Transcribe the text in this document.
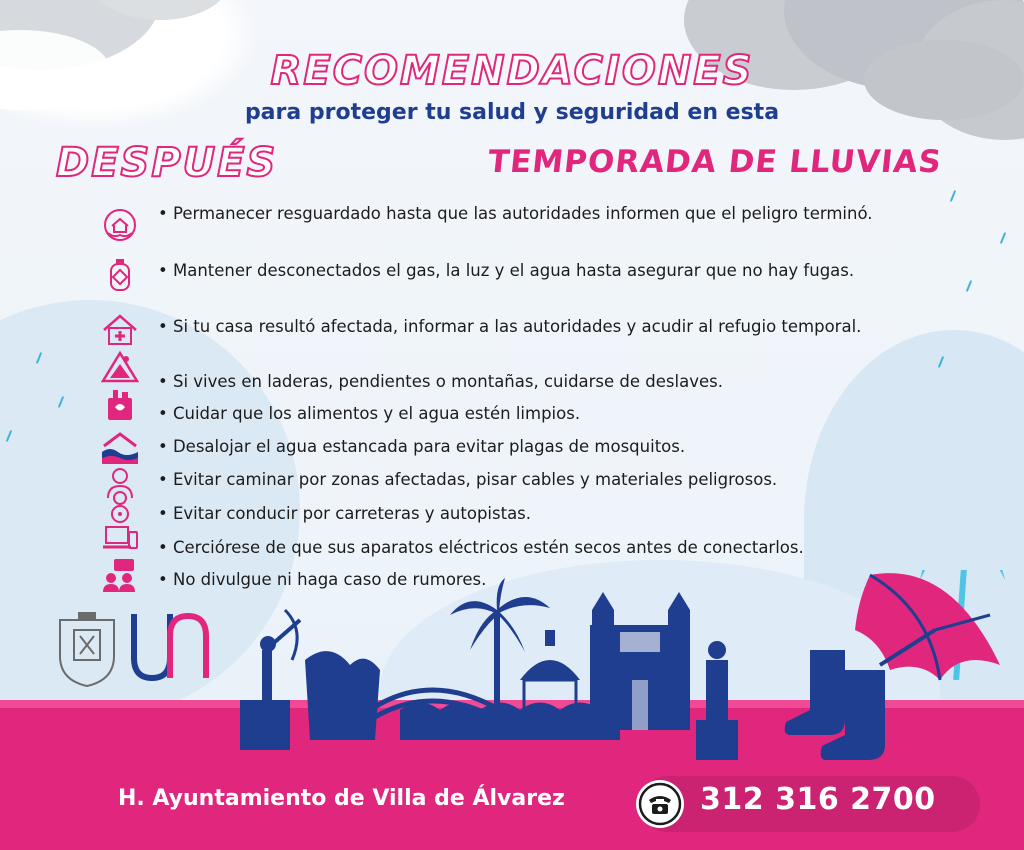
RECOMENDACIONES
para proteger tu salud y seguridad en esta
DESPUÉS	TEMPORADA DE LLUVIAS
• Permanecer resguardado hasta que las autoridades informen que el peligro terminó.
• Mantener desconectados el gas, la luz y el agua hasta asegurar que no hay fugas.
• Si tu casa resultó afectada, informar a las autoridades y acudir al refugio temporal.
• Si vives en laderas, pendientes o montañas, cuidarse de deslaves.
• Cuidar que los alimentos y el agua estén limpios.
• Desalojar el agua estancada para evitar plagas de mosquitos.
• Evitar caminar por zonas afectadas, pisar cables y materiales peligrosos.
• Evitar conducir por carreteras y autopistas.
• Cerciórese de que sus aparatos eléctricos estén secos antes de conectarlos.
• No divulgue ni haga caso de rumores.
H. Ayuntamiento de Villa de Álvarez	312 316 2700
